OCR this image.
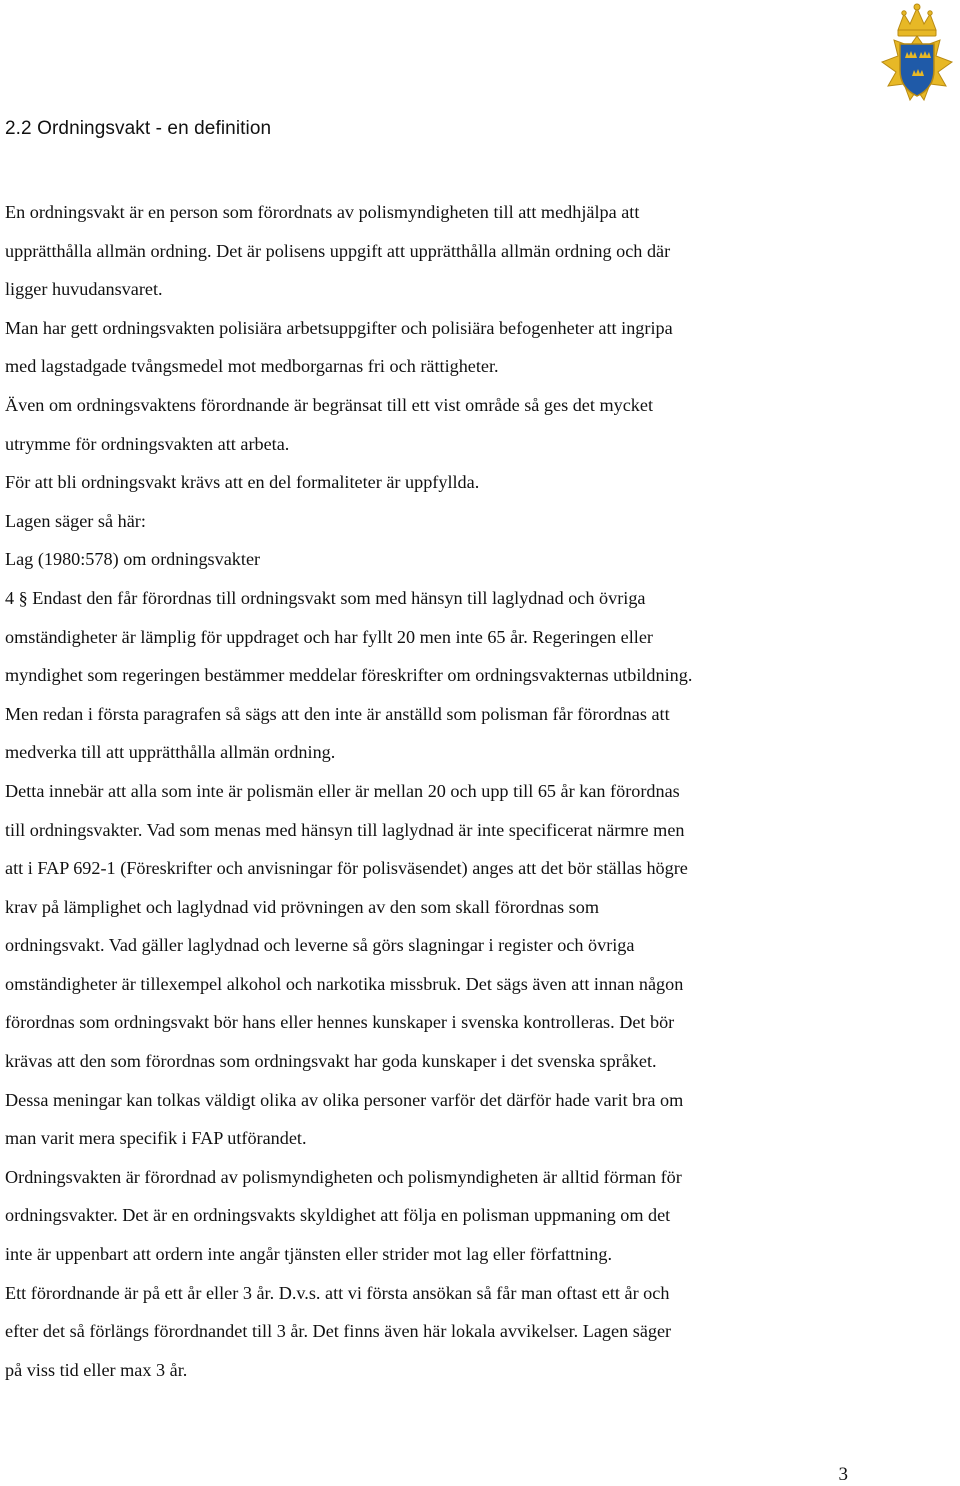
2.2 Ordningsvakt - en definition
En ordningsvakt är en person som förordnats av polismyndigheten till att medhjälpa att
upprätthålla allmän ordning. Det är polisens uppgift att upprätthålla allmän ordning och där
ligger huvudansvaret.
Man har gett ordningsvakten polisiära arbetsuppgifter och polisiära befogenheter att ingripa
med lagstadgade tvångsmedel mot medborgarnas fri och rättigheter.
Även om ordningsvaktens förordnande är begränsat till ett vist område så ges det mycket
utrymme för ordningsvakten att arbeta.
För att bli ordningsvakt krävs att en del formaliteter är uppfyllda.
Lagen säger så här:
Lag (1980:578) om ordningsvakter
4 § Endast den får förordnas till ordningsvakt som med hänsyn till laglydnad och övriga
omständigheter är lämplig för uppdraget och har fyllt 20 men inte 65 år. Regeringen eller
myndighet som regeringen bestämmer meddelar föreskrifter om ordningsvakternas utbildning.
Men redan i första paragrafen så sägs att den inte är anställd som polisman får förordnas att
medverka till att upprätthålla allmän ordning.
Detta innebär att alla som inte är polismän eller är mellan 20 och upp till 65 år kan förordnas
till ordningsvakter. Vad som menas med hänsyn till laglydnad är inte specificerat närmre men
att i FAP 692-1 (Föreskrifter och anvisningar för polisväsendet) anges att det bör ställas högre
krav på lämplighet och laglydnad vid prövningen av den som skall förordnas som
ordningsvakt. Vad gäller laglydnad och leverne så görs slagningar i register och övriga
omständigheter är tillexempel alkohol och narkotika missbruk. Det sägs även att innan någon
förordnas som ordningsvakt bör hans eller hennes kunskaper i svenska kontrolleras. Det bör
krävas att den som förordnas som ordningsvakt har goda kunskaper i det svenska språket.
Dessa meningar kan tolkas väldigt olika av olika personer varför det därför hade varit bra om
man varit mera specifik i FAP utförandet.
Ordningsvakten är förordnad av polismyndigheten och polismyndigheten är alltid förman för
ordningsvakter. Det är en ordningsvakts skyldighet att följa en polisman uppmaning om det
inte är uppenbart att ordern inte angår tjänsten eller strider mot lag eller författning.
Ett förordnande är på ett år eller 3 år. D.v.s. att vi första ansökan så får man oftast ett år och
efter det så förlängs förordnandet till 3 år. Det finns även här lokala avvikelser. Lagen säger
på viss tid eller max 3 år.
3
